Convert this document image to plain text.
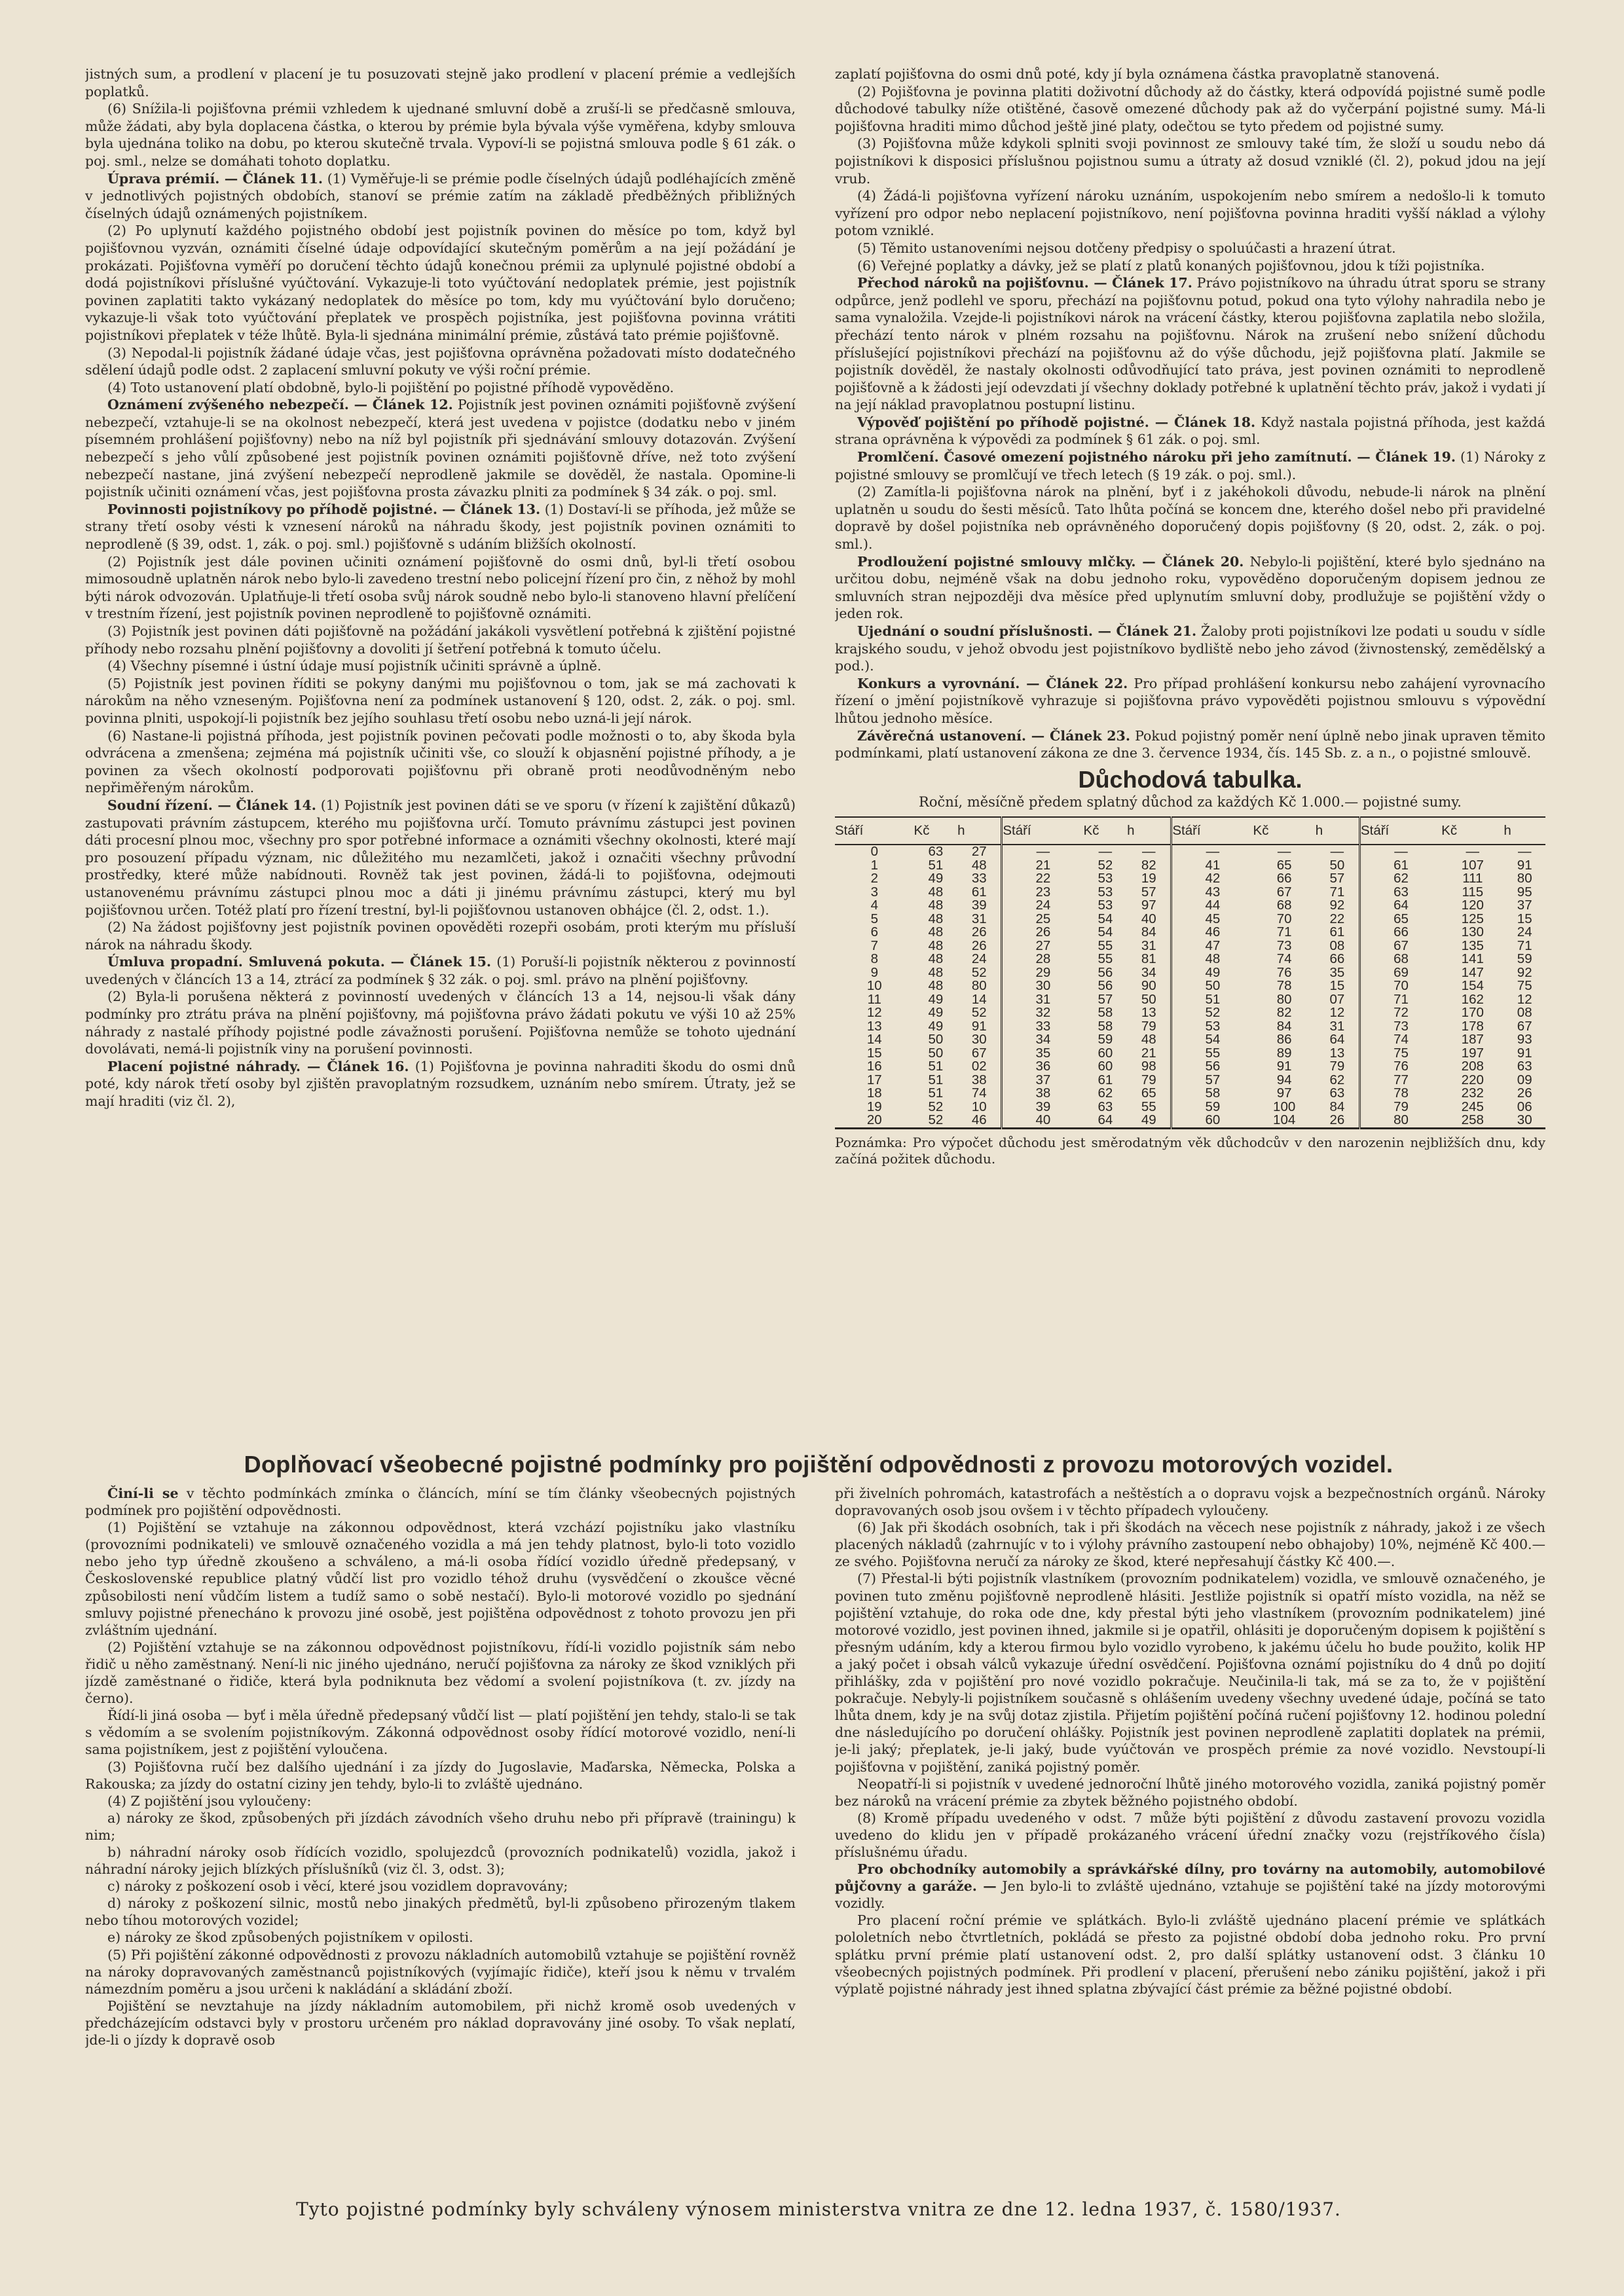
jistných sum, a prodlení v placení je tu posuzovati stejně jako prodlení v placení prémie a vedlejších poplatků.

(6) Snížila-li pojišťovna prémii vzhledem k ujednané smluvní době a zruší-li se předčasně smlouva, může žádati, aby byla doplacena částka, o kterou by prémie byla bývala výše vyměřena, kdyby smlouva byla ujednána toliko na dobu, po kterou skutečně trvala. Vypoví-li se pojistná smlouva podle § 61 zák. o poj. sml., nelze se domáhati tohoto doplatku.

Úprava prémií. — Článek 11. (1) Vyměřuje-li se prémie podle číselných údajů podléhajících změně v jednotlivých pojistných obdobích, stanoví se prémie zatím na základě předběžných přibližných číselných údajů oznámených pojistníkem.

(2) Po uplynutí každého pojistného období jest pojistník povinen do měsíce po tom, když byl pojišťovnou vyzván, oznámiti číselné údaje odpovídající skutečným poměrům a na její požádání je prokázati. Pojišťovna vyměří po doručení těchto údajů konečnou prémii za uplynulé pojistné období a dodá pojistníkovi příslušné vyúčtování. Vykazuje-li toto vyúčtování nedoplatek prémie, jest pojistník povinen zaplatiti takto vykázaný nedoplatek do měsíce po tom, kdy mu vyúčtování bylo doručeno; vykazuje-li však toto vyúčtování přeplatek ve prospěch pojistníka, jest pojišťovna povinna vrátiti pojistníkovi přeplatek v téže lhůtě. Byla-li sjednána minimální prémie, zůstává tato prémie pojišťovně.

(3) Nepodal-li pojistník žádané údaje včas, jest pojišťovna oprávněna požadovati místo dodatečného sdělení údajů podle odst. 2 zaplacení smluvní pokuty ve výši roční prémie.

(4) Toto ustanovení platí obdobně, bylo-li pojištění po pojistné příhodě vypověděno.

Oznámení zvýšeného nebezpečí. — Článek 12. Pojistník jest povinen oznámiti pojišťovně zvýšení nebezpečí, vztahuje-li se na okolnost nebezpečí, která jest uvedena v pojistce (dodatku nebo v jiném písemném prohlášení pojišťovny) nebo na níž byl pojistník při sjednávání smlouvy dotazován. Zvýšení nebezpečí s jeho vůlí způsobené jest pojistník povinen oznámiti pojišťovně dříve, než toto zvýšení nebezpečí nastane, jiná zvýšení nebezpečí neprodleně jakmile se dověděl, že nastala. Opomine-li pojistník učiniti oznámení včas, jest pojišťovna prosta závazku plniti za podmínek § 34 zák. o poj. sml.

Povinnosti pojistníkovy po příhodě pojistné. — Článek 13. (1) Dostaví-li se příhoda, jež může se strany třetí osoby vésti k vznesení nároků na náhradu škody, jest pojistník povinen oznámiti to neprodleně (§ 39, odst. 1, zák. o poj. sml.) pojišťovně s udáním bližších okolností.

(2) Pojistník jest dále povinen učiniti oznámení pojišťovně do osmi dnů, byl-li třetí osobou mimosoudně uplatněn nárok nebo bylo-li zavedeno trestní nebo policejní řízení pro čin, z něhož by mohl býti nárok odvozován. Uplatňuje-li třetí osoba svůj nárok soudně nebo bylo-li stanoveno hlavní přelíčení v trestním řízení, jest pojistník povinen neprodleně to pojišťovně oznámiti.

(3) Pojistník jest povinen dáti pojišťovně na požádání jakákoli vysvětlení potřebná k zjištění pojistné příhody nebo rozsahu plnění pojišťovny a dovoliti jí šetření potřebná k tomuto účelu.

(4) Všechny písemné i ústní údaje musí pojistník učiniti správně a úplně.

(5) Pojistník jest povinen říditi se pokyny danými mu pojišťovnou o tom, jak se má zachovati k nárokům na něho vzneseným. Pojišťovna není za podmínek ustanovení § 120, odst. 2, zák. o poj. sml. povinna plniti, uspokojí-li pojistník bez jejího souhlasu třetí osobu nebo uzná-li její nárok.

(6) Nastane-li pojistná příhoda, jest pojistník povinen pečovati podle možnosti o to, aby škoda byla odvrácena a zmenšena; zejména má pojistník učiniti vše, co slouží k objasnění pojistné příhody, a je povinen za všech okolností podporovati pojišťovnu při obraně proti neodůvodněným nebo nepřiměřeným nárokům.

Soudní řízení. — Článek 14. (1) Pojistník jest povinen dáti se ve sporu (v řízení k zajištění důkazů) zastupovati právním zástupcem, kterého mu pojišťovna určí. Tomuto právnímu zástupci jest povinen dáti procesní plnou moc, všechny pro spor potřebné informace a oznámiti všechny okolnosti, které mají pro posouzení případu význam, nic důležitého mu nezamlčeti, jakož i označiti všechny průvodní prostředky, které může nabídnouti. Rovněž tak jest povinen, žádá-li to pojišťovna, odejmouti ustanovenému právnímu zástupci plnou moc a dáti ji jinému právnímu zástupci, který mu byl pojišťovnou určen. Totéž platí pro řízení trestní, byl-li pojišťovnou ustanoven obhájce (čl. 2, odst. 1.).

(2) Na žádost pojišťovny jest pojistník povinen opověděti rozepři osobám, proti kterým mu přísluší nárok na náhradu škody.

Úmluva propadní. Smluvená pokuta. — Článek 15. (1) Poruší-li pojistník některou z povinností uvedených v článcích 13 a 14, ztrácí za podmínek § 32 zák. o poj. sml. právo na plnění pojišťovny.

(2) Byla-li porušena některá z povinností uvedených v článcích 13 a 14, nejsou-li však dány podmínky pro ztrátu práva na plnění pojišťovny, má pojišťovna právo žádati pokutu ve výši 10 až 25% náhrady z nastalé příhody pojistné podle závažnosti porušení. Pojišťovna nemůže se tohoto ujednání dovolávati, nemá-li pojistník viny na porušení povinnosti.

Placení pojistné náhrady. — Článek 16. (1) Pojišťovna je povinna nahraditi škodu do osmi dnů poté, kdy nárok třetí osoby byl zjištěn pravoplatným rozsudkem, uznáním nebo smírem. Útraty, jež se mají hraditi (viz čl. 2),

zaplatí pojišťovna do osmi dnů poté, kdy jí byla oznámena částka pravoplatně stanovená.

(2) Pojišťovna je povinna platiti doživotní důchody až do částky, která odpovídá pojistné sumě podle důchodové tabulky níže otištěné, časově omezené důchody pak až do vyčerpání pojistné sumy. Má-li pojišťovna hraditi mimo důchod ještě jiné platy, odečtou se tyto předem od pojistné sumy.

(3) Pojišťovna může kdykoli splniti svoji povinnost ze smlouvy také tím, že složí u soudu nebo dá pojistníkovi k disposici příslušnou pojistnou sumu a útraty až dosud vzniklé (čl. 2), pokud jdou na její vrub.

(4) Žádá-li pojišťovna vyřízení nároku uznáním, uspokojením nebo smírem a nedošlo-li k tomuto vyřízení pro odpor nebo neplacení pojistníkovo, není pojišťovna povinna hraditi vyšší náklad a výlohy potom vzniklé.

(5) Těmito ustanoveními nejsou dotčeny předpisy o spoluúčasti a hrazení útrat.

(6) Veřejné poplatky a dávky, jež se platí z platů konaných pojišťovnou, jdou k tíži pojistníka.

Přechod nároků na pojišťovnu. — Článek 17. Právo pojistníkovo na úhradu útrat sporu se strany odpůrce, jenž podlehl ve sporu, přechází na pojišťovnu potud, pokud ona tyto výlohy nahradila nebo je sama vynaložila. Vzejde-li pojistníkovi nárok na vrácení částky, kterou pojišťovna zaplatila nebo složila, přechází tento nárok v plném rozsahu na pojišťovnu. Nárok na zrušení nebo snížení důchodu příslušející pojistníkovi přechází na pojišťovnu až do výše důchodu, jejž pojišťovna platí. Jakmile se pojistník dověděl, že nastaly okolnosti odůvodňující tato práva, jest povinen oznámiti to neprodleně pojišťovně a k žádosti její odevzdati jí všechny doklady potřebné k uplatnění těchto práv, jakož i vydati jí na její náklad pravoplatnou postupní listinu.

Výpověď pojištění po příhodě pojistné. — Článek 18. Když nastala pojistná příhoda, jest každá strana oprávněna k výpovědi za podmínek § 61 zák. o poj. sml.

Promlčení. Časové omezení pojistného nároku při jeho zamítnutí. — Článek 19. (1) Nároky z pojistné smlouvy se promlčují ve třech letech (§ 19 zák. o poj. sml.).

(2) Zamítla-li pojišťovna nárok na plnění, byť i z jakéhokoli důvodu, nebude-li nárok na plnění uplatněn u soudu do šesti měsíců. Tato lhůta počíná se koncem dne, kterého došel nebo při pravidelné dopravě by došel pojistníka neb oprávněného doporučený dopis pojišťovny (§ 20, odst. 2, zák. o poj. sml.).

Prodloužení pojistné smlouvy mlčky. — Článek 20. Nebylo-li pojištění, které bylo sjednáno na určitou dobu, nejméně však na dobu jednoho roku, vypověděno doporučeným dopisem jednou ze smluvních stran nejpozději dva měsíce před uplynutím smluvní doby, prodlužuje se pojištění vždy o jeden rok.

Ujednání o soudní příslušnosti. — Článek 21. Žaloby proti pojistníkovi lze podati u soudu v sídle krajského soudu, v jehož obvodu jest pojistníkovo bydliště nebo jeho závod (živnostenský, zemědělský a pod.).

Konkurs a vyrovnání. — Článek 22. Pro případ prohlášení konkursu nebo zahájení vyrovnacího řízení o jmění pojistníkově vyhrazuje si pojišťovna právo vypověděti pojistnou smlouvu s výpovědní lhůtou jednoho měsíce.

Závěrečná ustanovení. — Článek 23. Pokud pojistný poměr není úplně nebo jinak upraven těmito podmínkami, platí ustanovení zákona ze dne 3. července 1934, čís. 145 Sb. z. a n., o pojistné smlouvě.

Důchodová tabulka.
Roční, měsíčně předem splatný důchod za každých Kč 1.000.— pojistné sumy.
Stáří	Kč	h	Stáří	Kč	h	Stáří	Kč	h	Stáří	Kč	h
0	63	27	—	—	—	—	—	—	—	—	—
1	51	48	21	52	82	41	65	50	61	107	91
2	49	33	22	53	19	42	66	57	62	111	80
3	48	61	23	53	57	43	67	71	63	115	95
4	48	39	24	53	97	44	68	92	64	120	37
5	48	31	25	54	40	45	70	22	65	125	15
6	48	26	26	54	84	46	71	61	66	130	24
7	48	26	27	55	31	47	73	08	67	135	71
8	48	24	28	55	81	48	74	66	68	141	59
9	48	52	29	56	34	49	76	35	69	147	92
10	48	80	30	56	90	50	78	15	70	154	75
11	49	14	31	57	50	51	80	07	71	162	12
12	49	52	32	58	13	52	82	12	72	170	08
13	49	91	33	58	79	53	84	31	73	178	67
14	50	30	34	59	48	54	86	64	74	187	93
15	50	67	35	60	21	55	89	13	75	197	91
16	51	02	36	60	98	56	91	79	76	208	63
17	51	38	37	61	79	57	94	62	77	220	09
18	51	74	38	62	65	58	97	63	78	232	26
19	52	10	39	63	55	59	100	84	79	245	06
20	52	46	40	64	49	60	104	26	80	258	30
Poznámka: Pro výpočet důchodu jest směrodatným věk důchodcův v den narozenin nejbližších dnu, kdy začíná požitek důchodu.
Doplňovací všeobecné pojistné podmínky pro pojištění odpovědnosti z provozu motorových vozidel.

Činí-li se v těchto podmínkách zmínka o článcích, míní se tím články všeobecných pojistných podmínek pro pojištění odpovědnosti.

(1) Pojištění se vztahuje na zákonnou odpovědnost, která vzchází pojistníku jako vlastníku (provozními podnikateli) ve smlouvě označeného vozidla a má jen tehdy platnost, bylo-li toto vozidlo nebo jeho typ úředně zkoušeno a schváleno, a má-li osoba řídící vozidlo úředně předepsaný, v Československé republice platný vůdčí list pro vozidlo téhož druhu (vysvědčení o zkoušce věcné způsobilosti není vůdčím listem a tudíž samo o sobě nestačí). Bylo-li motorové vozidlo po sjednání smluvy pojistné přenecháno k provozu jiné osobě, jest pojištěna odpovědnost z tohoto provozu jen při zvláštním ujednání.

(2) Pojištění vztahuje se na zákonnou odpovědnost pojistníkovu, řídí-li vozidlo pojistník sám nebo řidič u něho zaměstnaný. Není-li nic jiného ujednáno, neručí pojišťovna za nároky ze škod vzniklých při jízdě zaměstnané o řidiče, která byla podniknuta bez vědomí a svolení pojistníkova (t. zv. jízdy na černo).

Řídí-li jiná osoba — byť i měla úředně předepsaný vůdčí list — platí pojištění jen tehdy, stalo-li se tak s vědomím a se svolením pojistníkovým. Zákonná odpovědnost osoby řídící motorové vozidlo, není-li sama pojistníkem, jest z pojištění vyloučena.

(3) Pojišťovna ručí bez dalšího ujednání i za jízdy do Jugoslavie, Maďarska, Německa, Polska a Rakouska; za jízdy do ostatní ciziny jen tehdy, bylo-li to zvláště ujednáno.

(4) Z pojištění jsou vyloučeny:

a) nároky ze škod, způsobených při jízdách závodních všeho druhu nebo při přípravě (trainingu) k nim;

b) náhradní nároky osob řídících vozidlo, spolujezdců (provozních podnikatelů) vozidla, jakož i náhradní nároky jejich blízkých příslušníků (viz čl. 3, odst. 3);

c) nároky z poškození osob i věcí, které jsou vozidlem dopravovány;

d) nároky z poškození silnic, mostů nebo jinakých předmětů, byl-li způsobeno přirozeným tlakem nebo tíhou motorových vozidel;

e) nároky ze škod způsobených pojistníkem v opilosti.

(5) Při pojištění zákonné odpovědnosti z provozu nákladních automobilů vztahuje se pojištění rovněž na nároky dopravovaných zaměstnanců pojistníkových (vyjímajíc řidiče), kteří jsou k němu v trvalém námezdním poměru a jsou určeni k nakládání a skládání zboží.

Pojištění se nevztahuje na jízdy nákladním automobilem, při nichž kromě osob uvedených v předcházejícím odstavci byly v prostoru určeném pro náklad dopravovány jiné osoby. To však neplatí, jde-li o jízdy k dopravě osob

při živelních pohromách, katastrofách a neštěstích a o dopravu vojsk a bezpečnostních orgánů. Nároky dopravovaných osob jsou ovšem i v těchto případech vyloučeny.

(6) Jak při škodách osobních, tak i při škodách na věcech nese pojistník z náhrady, jakož i ze všech placených nákladů (zahrnujíc v to i výlohy právního zastoupení nebo obhajoby) 10%, nejméně Kč 400.— ze svého. Pojišťovna neručí za nároky ze škod, které nepřesahují částky Kč 400.—.

(7) Přestal-li býti pojistník vlastníkem (provozním podnikatelem) vozidla, ve smlouvě označeného, je povinen tuto změnu pojišťovně neprodleně hlásiti. Jestliže pojistník si opatří místo vozidla, na něž se pojištění vztahuje, do roka ode dne, kdy přestal býti jeho vlastníkem (provozním podnikatelem) jiné motorové vozidlo, jest povinen ihned, jakmile si je opatřil, ohlásiti je doporučeným dopisem k pojištění s přesným udáním, kdy a kterou firmou bylo vozidlo vyrobeno, k jakému účelu ho bude použito, kolik HP a jaký počet i obsah válců vykazuje úřední osvědčení. Pojišťovna oznámí pojistníku do 4 dnů po dojití přihlášky, zda v pojištění pro nové vozidlo pokračuje. Neučinila-li tak, má se za to, že v pojištění pokračuje. Nebyly-li pojistníkem současně s ohlášením uvedeny všechny uvedené údaje, počíná se tato lhůta dnem, kdy je na svůj dotaz zjistila. Přijetím pojištění počíná ručení pojišťovny 12. hodinou polední dne následujícího po doručení ohlášky. Pojistník jest povinen neprodleně zaplatiti doplatek na prémii, je-li jaký; přeplatek, je-li jaký, bude vyúčtován ve prospěch prémie za nové vozidlo. Nevstoupí-li pojišťovna v pojištění, zaniká pojistný poměr.

Neopatří-li si pojistník v uvedené jednoroční lhůtě jiného motorového vozidla, zaniká pojistný poměr bez nároků na vrácení prémie za zbytek běžného pojistného období.

(8) Kromě případu uvedeného v odst. 7 může býti pojištění z důvodu zastavení provozu vozidla uvedeno do klidu jen v případě prokázaného vrácení úřední značky vozu (rejstříkového čísla) příslušnému úřadu.

Pro obchodníky automobily a správkářské dílny, pro továrny na automobily, automobilové půjčovny a garáže. — Jen bylo-li to zvláště ujednáno, vztahuje se pojištění také na jízdy motorovými vozidly.

Pro placení roční prémie ve splátkách. Bylo-li zvláště ujednáno placení prémie ve splátkách pololetních nebo čtvrtletních, pokládá se přesto za pojistné období doba jednoho roku. Pro první splátku první prémie platí ustanovení odst. 2, pro další splátky ustanovení odst. 3 článku 10 všeobecných pojistných podmínek. Při prodlení v placení, přerušení nebo zániku pojištění, jakož i při výplatě pojistné náhrady jest ihned splatna zbývající část prémie za běžné pojistné období.

Tyto pojistné podmínky byly schváleny výnosem ministerstva vnitra ze dne 12. ledna 1937, č. 1580/1937.
